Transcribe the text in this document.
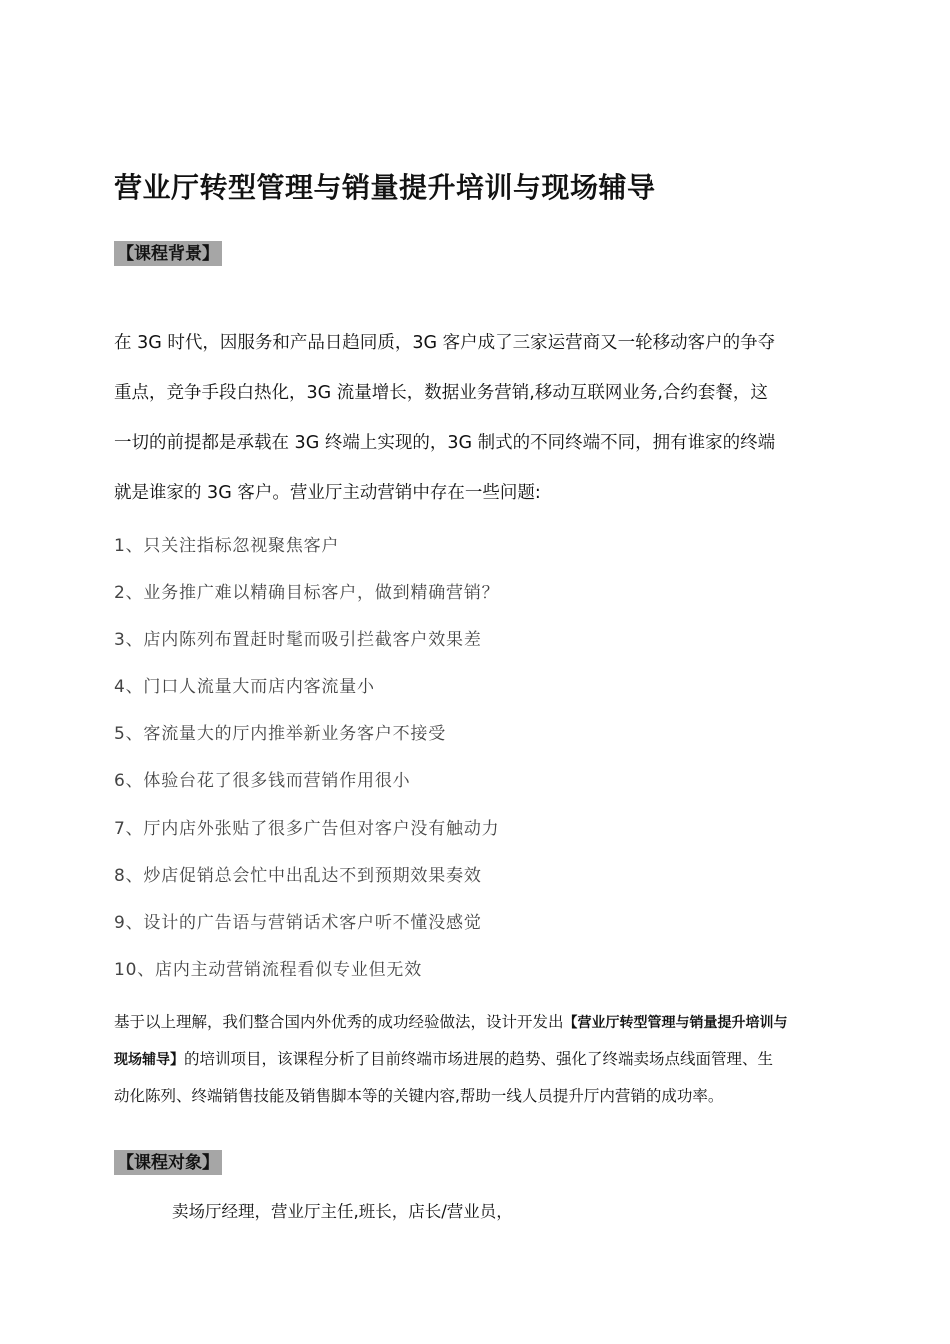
营业厅转型管理与销量提升培训与现场辅导
【课程背景】

在 3G 时代，因服务和产品日趋同质，3G 客户成了三家运营商又一轮移动客户的争夺
重点，竞争手段白热化，3G 流量增长，数据业务营销,移动互联网业务,合约套餐，这
一切的前提都是承载在 3G 终端上实现的，3G 制式的不同终端不同，拥有谁家的终端
就是谁家的 3G 客户。营业厅主动营销中存在一些问题:

1、只关注指标忽视聚焦客户
2、业务推广难以精确目标客户，做到精确营销？
3、店内陈列布置赶时髦而吸引拦截客户效果差
4、门口人流量大而店内客流量小
5、客流量大的厅内推举新业务客户不接受
6、体验台花了很多钱而营销作用很小
7、厅内店外张贴了很多广告但对客户没有触动力
8、炒店促销总会忙中出乱达不到预期效果奏效
9、设计的广告语与营销话术客户听不懂没感觉
10、店内主动营销流程看似专业但无效

基于以上理解，我们整合国内外优秀的成功经验做法，设计开发出【营业厅转型管理与销量提升培训与
现场辅导】的培训项目，该课程分析了目前终端市场进展的趋势、强化了终端卖场点线面管理、生
动化陈列、终端销售技能及销售脚本等的关键内容,帮助一线人员提升厅内营销的成功率。

【课程对象】

卖场厅经理，营业厅主任,班长，店长/营业员，
